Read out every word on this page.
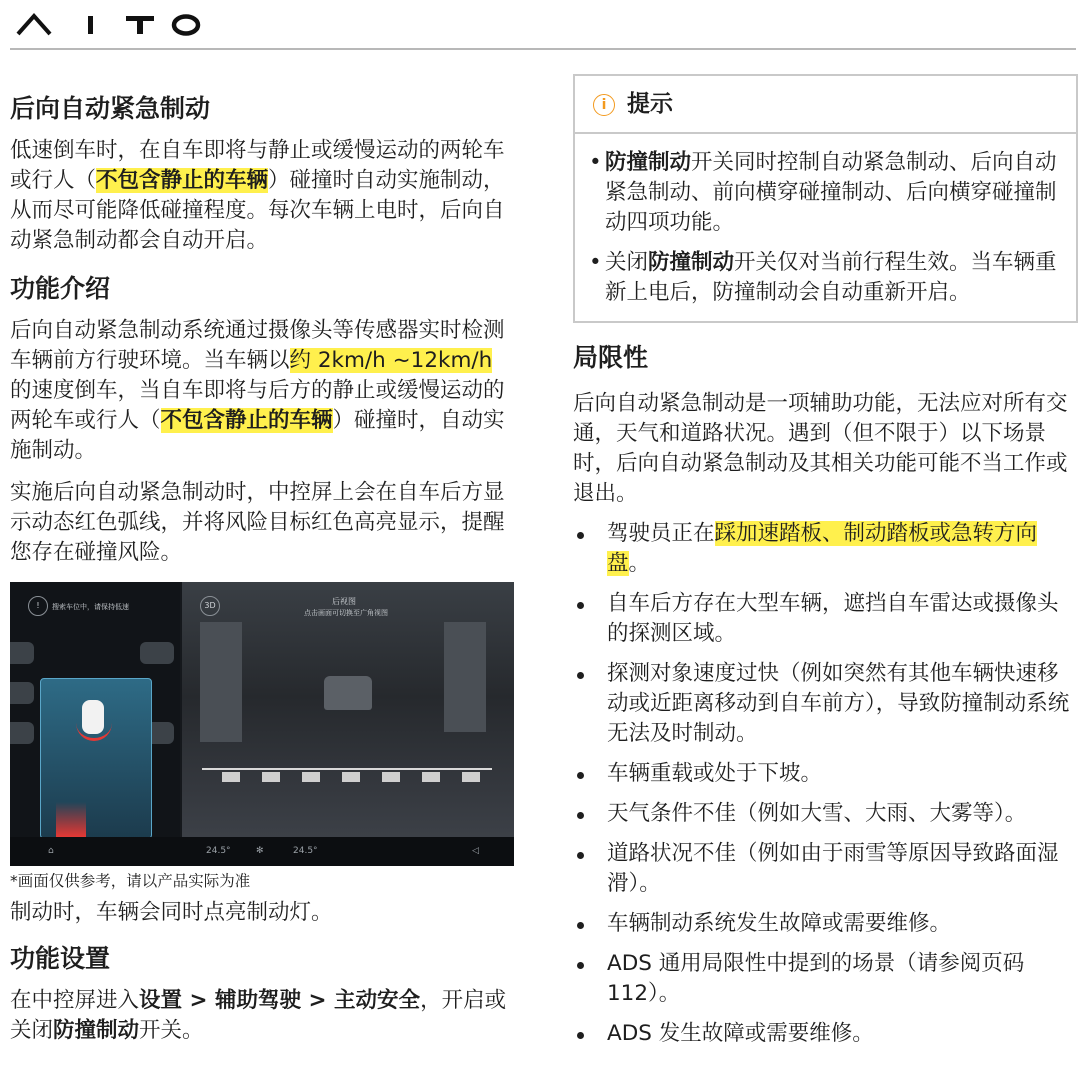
后向自动紧急制动

低速倒车时，在自车即将与静止或缓慢运动的两轮车或行人（不包含静止的车辆）碰撞时自动实施制动，从而尽可能降低碰撞程度。每次车辆上电时，后向自动紧急制动都会自动开启。

功能介绍

后向自动紧急制动系统通过摄像头等传感器实时检测车辆前方行驶环境。当车辆以约 2km/h ~12km/h 的速度倒车，当自车即将与后方的静止或缓慢运动的两轮车或行人（不包含静止的车辆）碰撞时，自动实施制动。

实施后向自动紧急制动时，中控屏上会在自车后方显示动态红色弧线，并将风险目标红色高亮显示，提醒您存在碰撞风险。

!	搜索车位中，请保持低速	3D	后视图
点击画面可切换至广角视图
⌂	24.5°	✻	24.5°	◁
*画面仅供参考，请以产品实际为准

制动时，车辆会同时点亮制动灯。

功能设置

在中控屏进入设置 > 辅助驾驶 > 主动安全，开启或关闭防撞制动开关。

i 提示
• 防撞制动开关同时控制自动紧急制动、后向自动紧急制动、前向横穿碰撞制动、后向横穿碰撞制动四项功能。
• 关闭防撞制动开关仅对当前行程生效。当车辆重新上电后，防撞制动会自动重新开启。
局限性

后向自动紧急制动是一项辅助功能，无法应对所有交通，天气和道路状况。遇到（但不限于）以下场景时，后向自动紧急制动及其相关功能可能不当工作或退出。

驾驶员正在踩加速踏板、制动踏板或急转方向盘。
自车后方存在大型车辆，遮挡自车雷达或摄像头的探测区域。
探测对象速度过快（例如突然有其他车辆快速移动或近距离移动到自车前方），导致防撞制动系统无法及时制动。
车辆重载或处于下坡。
天气条件不佳（例如大雪、大雨、大雾等）。
道路状况不佳（例如由于雨雪等原因导致路面湿滑）。
车辆制动系统发生故障或需要维修。
ADS 通用局限性中提到的场景（请参阅页码 112）。
ADS 发生故障或需要维修。
